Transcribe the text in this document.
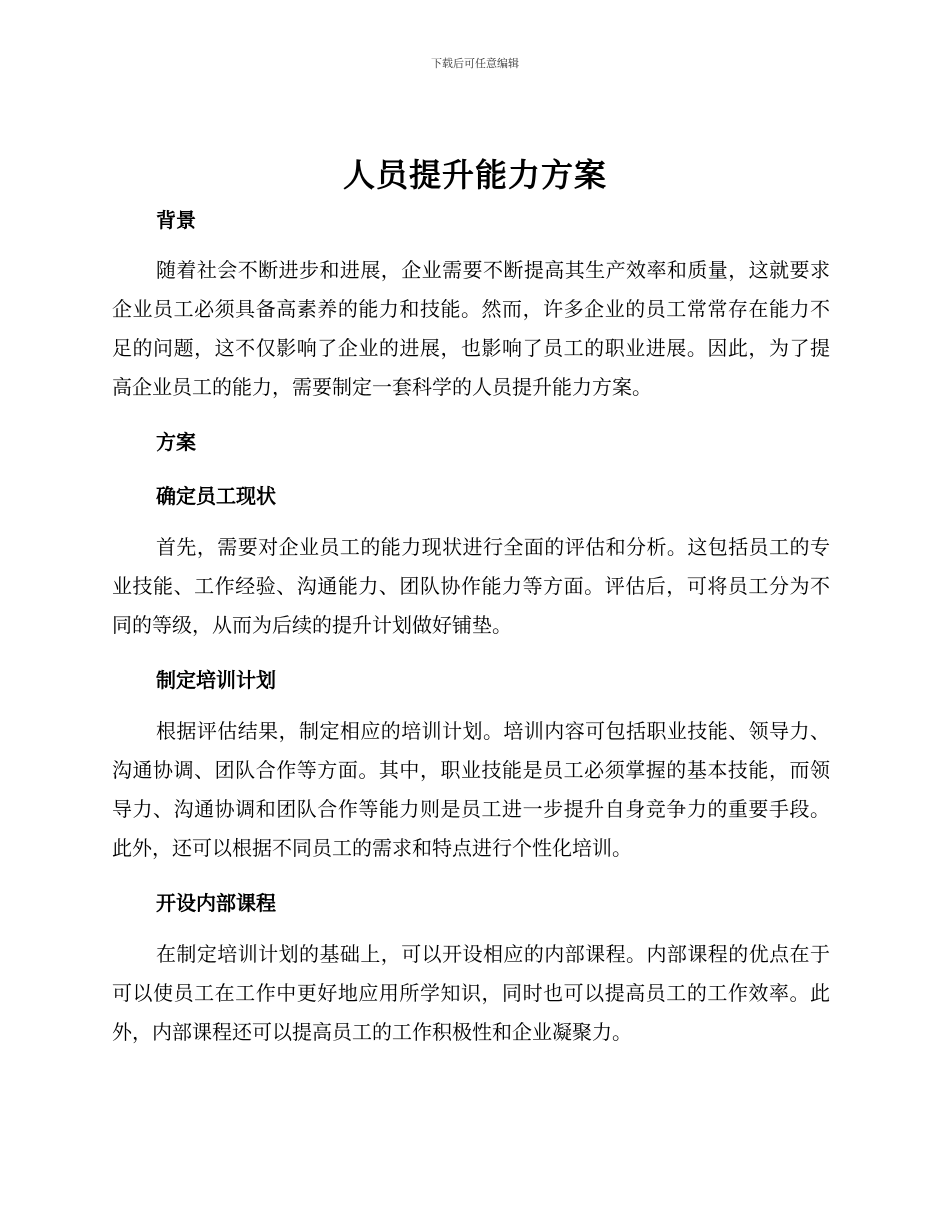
下载后可任意编辑
人员提升能力方案
背景

随着社会不断进步和进展，企业需要不断提高其生产效率和质量，这就要求企业员工必须具备高素养的能力和技能。然而，许多企业的员工常常存在能力不足的问题，这不仅影响了企业的进展，也影响了员工的职业进展。因此，为了提高企业员工的能力，需要制定一套科学的人员提升能力方案。

方案
确定员工现状

首先，需要对企业员工的能力现状进行全面的评估和分析。这包括员工的专业技能、工作经验、沟通能力、团队协作能力等方面。评估后，可将员工分为不同的等级，从而为后续的提升计划做好铺垫。

制定培训计划

根据评估结果，制定相应的培训计划。培训内容可包括职业技能、领导力、沟通协调、团队合作等方面。其中，职业技能是员工必须掌握的基本技能，而领导力、沟通协调和团队合作等能力则是员工进一步提升自身竞争力的重要手段。此外，还可以根据不同员工的需求和特点进行个性化培训。

开设内部课程

在制定培训计划的基础上，可以开设相应的内部课程。内部课程的优点在于可以使员工在工作中更好地应用所学知识，同时也可以提高员工的工作效率。此外，内部课程还可以提高员工的工作积极性和企业凝聚力。
